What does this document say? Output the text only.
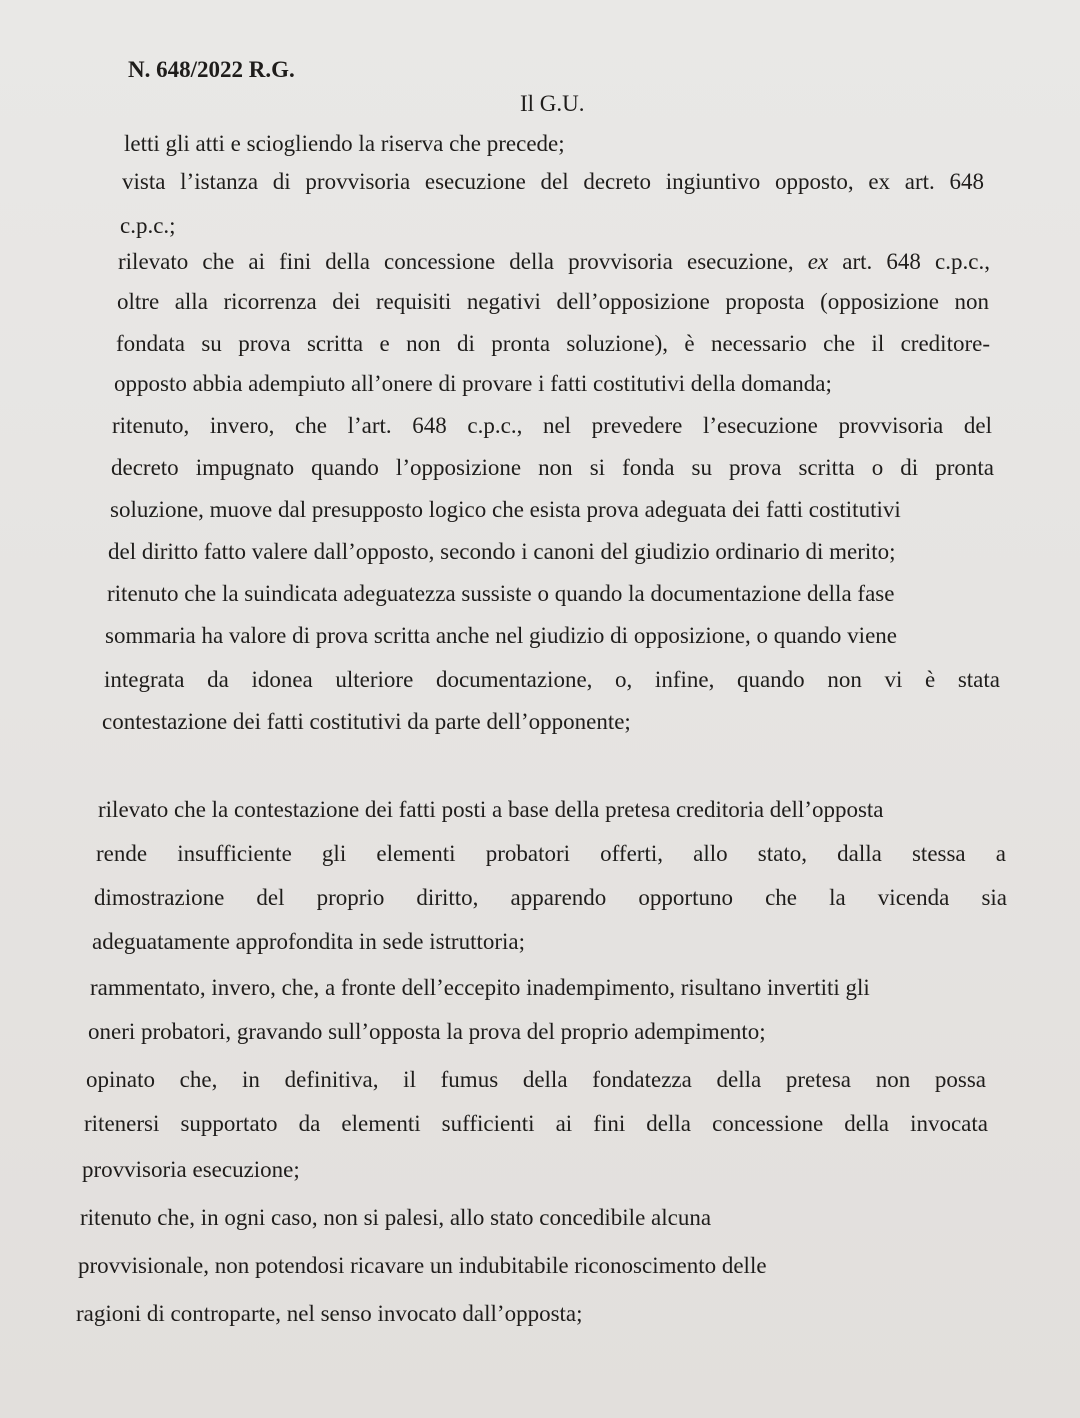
N. 648/2022 R.G.
Il G.U.
letti gli atti e sciogliendo la riserva che precede;
vista l’istanza di provvisoria esecuzione del decreto ingiuntivo opposto, ex art. 648
c.p.c.;
rilevato che ai fini della concessione della provvisoria esecuzione, ex art. 648 c.p.c.,
oltre alla ricorrenza dei requisiti negativi dell’opposizione proposta (opposizione non
fondata su prova scritta e non di pronta soluzione), è necessario che il creditore-
opposto abbia adempiuto all’onere di provare i fatti costitutivi della domanda;
ritenuto, invero, che l’art. 648 c.p.c., nel prevedere l’esecuzione provvisoria del
decreto impugnato quando l’opposizione non si fonda su prova scritta o di pronta
soluzione, muove dal presupposto logico che esista prova adeguata dei fatti costitutivi
del diritto fatto valere dall’opposto, secondo i canoni del giudizio ordinario di merito;
ritenuto che la suindicata adeguatezza sussiste o quando la documentazione della fase
sommaria ha valore di prova scritta anche nel giudizio di opposizione, o quando viene
integrata da idonea ulteriore documentazione, o, infine, quando non vi è stata
contestazione dei fatti costitutivi da parte dell’opponente;
rilevato che la contestazione dei fatti posti a base della pretesa creditoria dell’opposta
rende insufficiente gli elementi probatori offerti, allo stato, dalla stessa a
dimostrazione del proprio diritto, apparendo opportuno che la vicenda sia
adeguatamente approfondita in sede istruttoria;
rammentato, invero, che, a fronte dell’eccepito inadempimento, risultano invertiti gli
oneri probatori, gravando sull’opposta la prova del proprio adempimento;
opinato che, in definitiva, il fumus della fondatezza della pretesa non possa
ritenersi supportato da elementi sufficienti ai fini della concessione della invocata
provvisoria esecuzione;
ritenuto che, in ogni caso, non si palesi, allo stato concedibile alcuna
provvisionale, non potendosi ricavare un indubitabile riconoscimento delle
ragioni di controparte, nel senso invocato dall’opposta;
